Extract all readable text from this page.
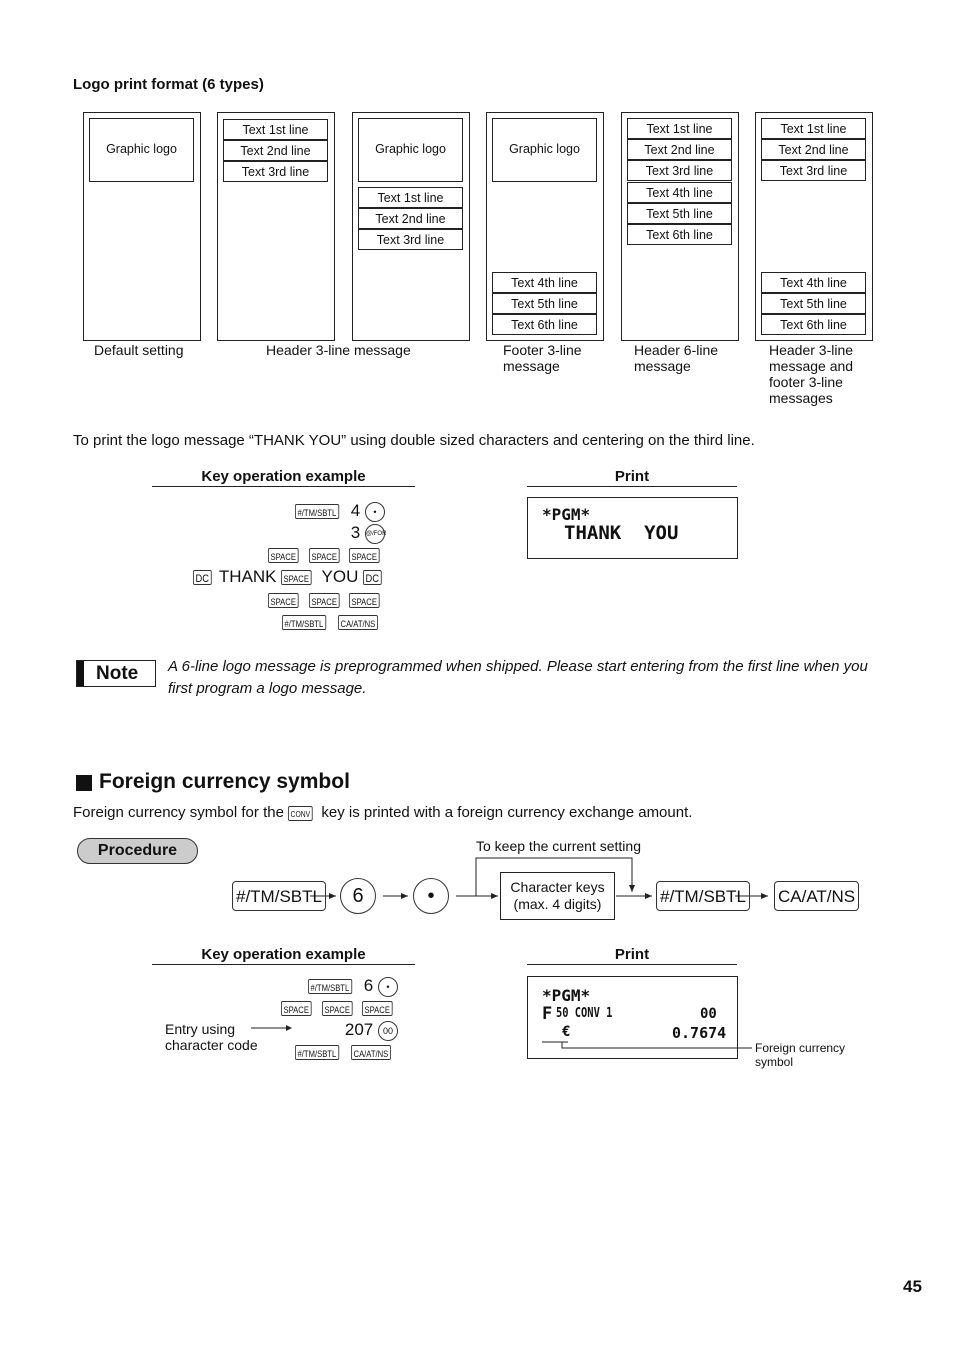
Logo print format (6 types)
Graphic logo
Text 1st line
Text 2nd line
Text 3rd line
Graphic logo
Text 1st line
Text 2nd line
Text 3rd line
Graphic logo
Text 4th line
Text 5th line
Text 6th line
Text 1st line
Text 2nd line
Text 3rd line
Text 4th line
Text 5th line
Text 6th line
Text 1st line
Text 2nd line
Text 3rd line
Text 4th line
Text 5th line
Text 6th line
Default setting	Header 3-line message	Footer 3-line
message
Header 6-line
message
Header 3-line
message and
footer 3-line
messages
To print the logo message “THANK YOU” using double sized characters and centering on the third line.
Key operation example	Print
#/TM/SBTL 4 •
3 @/FOR
SPACE SPACE SPACE
DC THANK SPACE YOU DC
SPACE SPACE SPACE
#/TM/SBTL CA/AT/NS
*PGM*
THANK  YOU
Note A 6-line logo message is preprogrammed when shipped. Please start entering from the first line when you first program a logo message.
Foreign currency symbol
Foreign currency symbol for the CONV key is printed with a foreign currency exchange amount.
Procedure	To keep the current setting
#/TM/SBTL	6	•	Character keys
(max. 4 digits)	#/TM/SBTL CA/AT/NS
Key operation example	Print
#/TM/SBTL 6 •
SPACE SPACE SPACE
207 00
#/TM/SBTL CA/AT/NS
Entry using
character code
*PGM*
F 50 CONV 1	00
€	0.7674
Foreign currency
symbol
45
